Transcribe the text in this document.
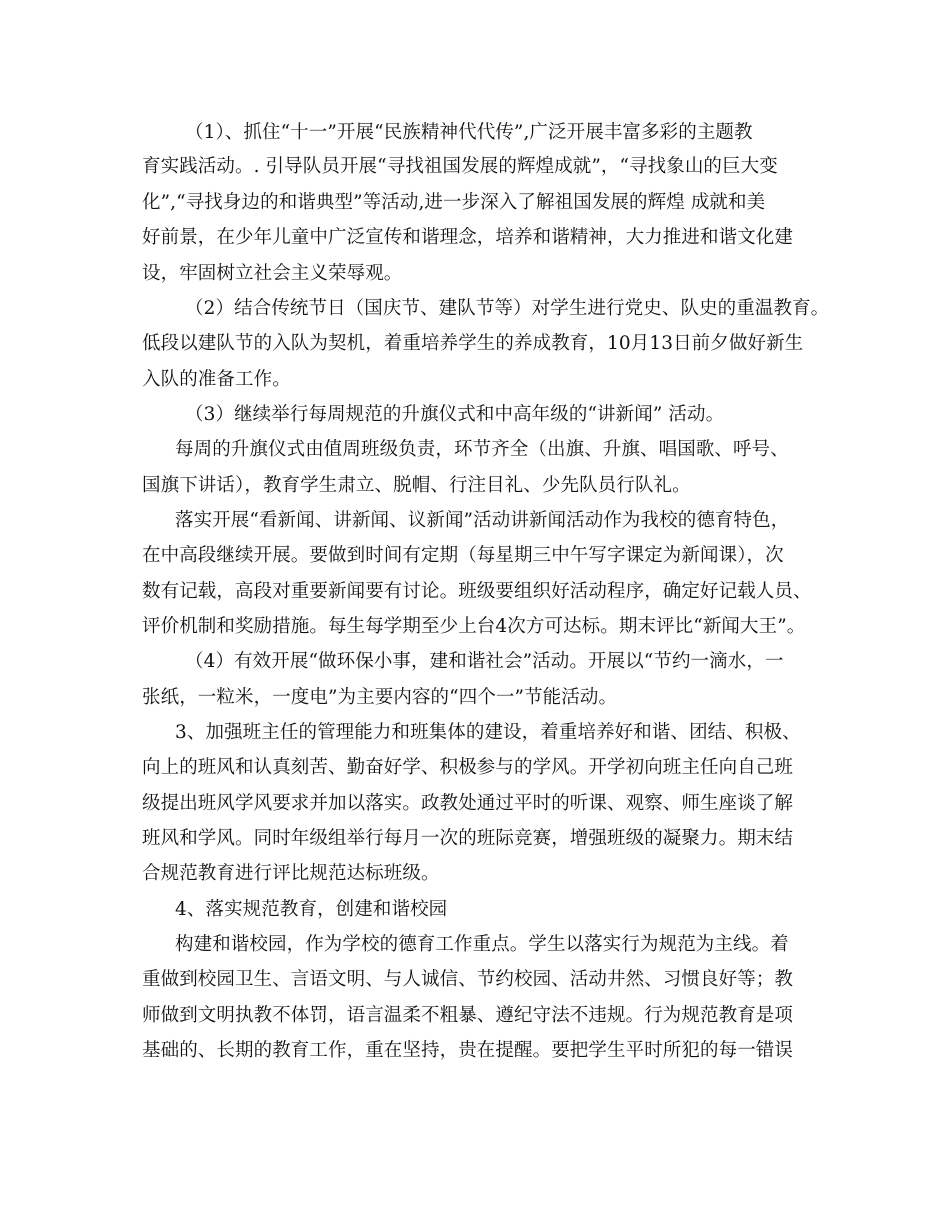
（1）、抓住“十一”开展“民族精神代代传”,广泛开展丰富多彩的主题教

育实践活动。. 引导队员开展“寻找祖国发展的辉煌成就”，“寻找象山的巨大变

化”,“寻找身边的和谐典型”等活动,进一步深入了解祖国发展的辉煌 成就和美

好前景，在少年儿童中广泛宣传和谐理念，培养和谐精神，大力推进和谐文化建

设，牢固树立社会主义荣辱观。

（2）结合传统节日（国庆节、建队节等）对学生进行党史、队史的重温教育。

低段以建队节的入队为契机，着重培养学生的养成教育，10月13日前夕做好新生

入队的准备工作。

（3）继续举行每周规范的升旗仪式和中高年级的“讲新闻” 活动。

每周的升旗仪式由值周班级负责，环节齐全（出旗、升旗、唱国歌、呼号、

国旗下讲话），教育学生肃立、脱帽、行注目礼、少先队员行队礼。

落实开展“看新闻、讲新闻、议新闻”活动讲新闻活动作为我校的德育特色，

在中高段继续开展。要做到时间有定期（每星期三中午写字课定为新闻课），次

数有记载，高段对重要新闻要有讨论。班级要组织好活动程序，确定好记载人员、

评价机制和奖励措施。每生每学期至少上台4次方可达标。期末评比“新闻大王”。

（4）有效开展“做环保小事，建和谐社会”活动。开展以“节约一滴水，一

张纸，一粒米，一度电”为主要内容的“四个一”节能活动。

3、加强班主任的管理能力和班集体的建设，着重培养好和谐、团结、积极、

向上的班风和认真刻苦、勤奋好学、积极参与的学风。开学初向班主任向自己班

级提出班风学风要求并加以落实。政教处通过平时的听课、观察、师生座谈了解

班风和学风。同时年级组举行每月一次的班际竞赛，增强班级的凝聚力。期末结

合规范教育进行评比规范达标班级。

4、落实规范教育，创建和谐校园

构建和谐校园，作为学校的德育工作重点。学生以落实行为规范为主线。着

重做到校园卫生、言语文明、与人诚信、节约校园、活动井然、习惯良好等；教

师做到文明执教不体罚，语言温柔不粗暴、遵纪守法不违规。行为规范教育是项

基础的、长期的教育工作，重在坚持，贵在提醒。要把学生平时所犯的每一错误
